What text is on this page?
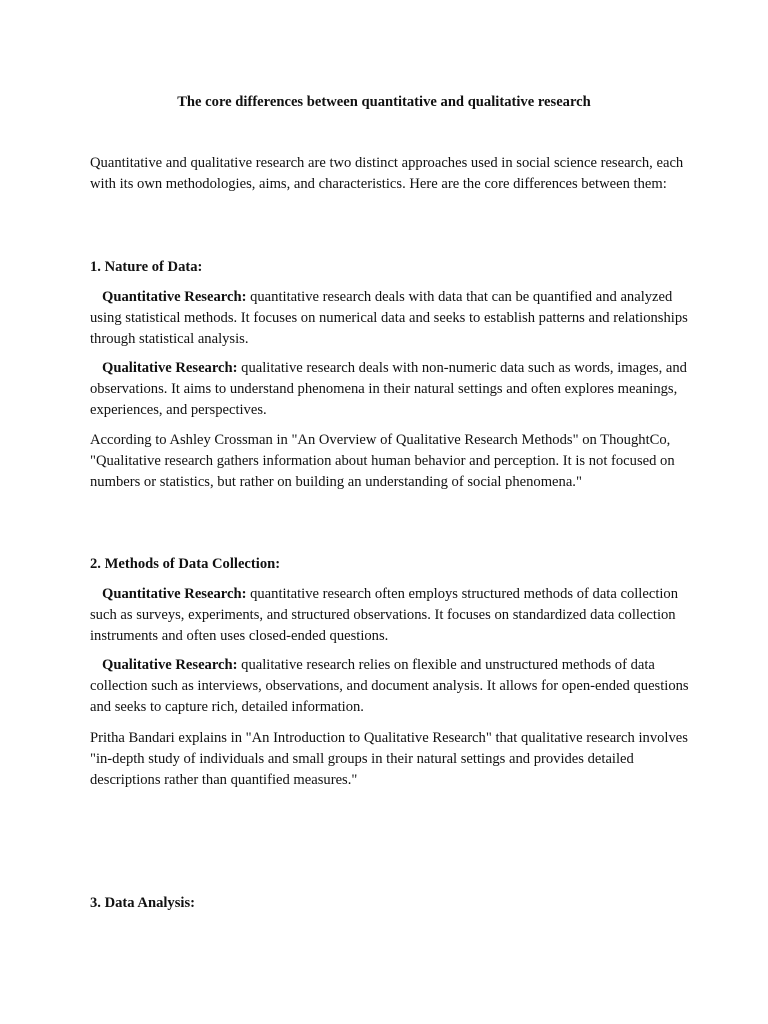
The core differences between quantitative and qualitative research

Quantitative and qualitative research are two distinct approaches used in social science research, each with its own methodologies, aims, and characteristics. Here are the core differences between them:

1. Nature of Data:

Quantitative Research: quantitative research deals with data that can be quantified and analyzed using statistical methods. It focuses on numerical data and seeks to establish patterns and relationships through statistical analysis.

Qualitative Research: qualitative research deals with non-numeric data such as words, images, and observations. It aims to understand phenomena in their natural settings and often explores meanings, experiences, and perspectives.

According to Ashley Crossman in "An Overview of Qualitative Research Methods" on ThoughtCo, "Qualitative research gathers information about human behavior and perception. It is not focused on numbers or statistics, but rather on building an understanding of social phenomena."

2. Methods of Data Collection:

Quantitative Research: quantitative research often employs structured methods of data collection such as surveys, experiments, and structured observations. It focuses on standardized data collection instruments and often uses closed-ended questions.

Qualitative Research: qualitative research relies on flexible and unstructured methods of data collection such as interviews, observations, and document analysis. It allows for open-ended questions and seeks to capture rich, detailed information.

Pritha Bandari explains in "An Introduction to Qualitative Research" that qualitative research involves "in-depth study of individuals and small groups in their natural settings and provides detailed descriptions rather than quantified measures."

3. Data Analysis:
